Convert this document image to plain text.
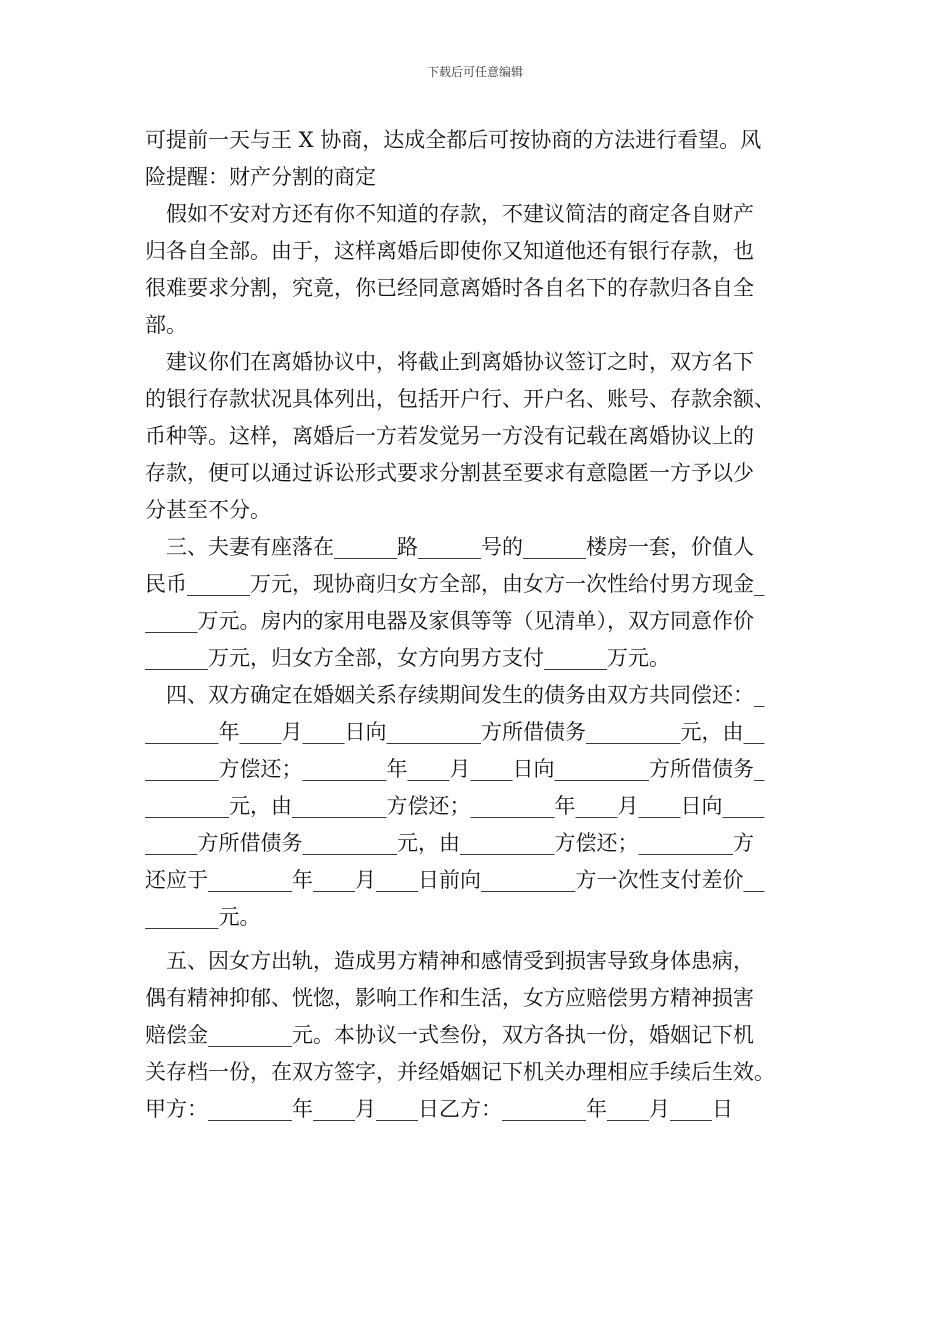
下载后可任意编辑
可提前一天与王 X 协商，达成全都后可按协商的方法进行看望。风
险提醒：财产分割的商定
　假如不安对方还有你不知道的存款，不建议简洁的商定各自财产
归各自全部。由于，这样离婚后即使你又知道他还有银行存款，也
很难要求分割，究竟，你已经同意离婚时各自名下的存款归各自全
部。
　建议你们在离婚协议中，将截止到离婚协议签订之时，双方名下
的银行存款状况具体列出，包括开户行、开户名、账号、存款余额、
币种等。这样，离婚后一方若发觉另一方没有记载在离婚协议上的
存款，便可以通过诉讼形式要求分割甚至要求有意隐匿一方予以少
分甚至不分。
　三、夫妻有座落在______路______号的______楼房一套，价值人
民币______万元，现协商归女方全部，由女方一次性给付男方现金_
_____万元。房内的家用电器及家俱等等（见清单），双方同意作价
______万元，归女方全部，女方向男方支付______万元。
　四、双方确定在婚姻关系存续期间发生的债务由双方共同偿还：_
_______年____月____日向_________方所借债务_________元，由__
_______方偿还；________年____月____日向_________方所借债务_
________元，由_________方偿还；________年____月____日向____
_____方所借债务_________元，由_________方偿还；_________方
还应于________年____月____日前向_________方一次性支付差价__
_______元。
　五、因女方出轨，造成男方精神和感情受到损害导致身体患病，
偶有精神抑郁、恍惚，影响工作和生活，女方应赔偿男方精神损害
赔偿金________元。本协议一式叁份，双方各执一份，婚姻记下机
关存档一份，在双方签字，并经婚姻记下机关办理相应手续后生效。
甲方：________年____月____日乙方：________年____月____日
